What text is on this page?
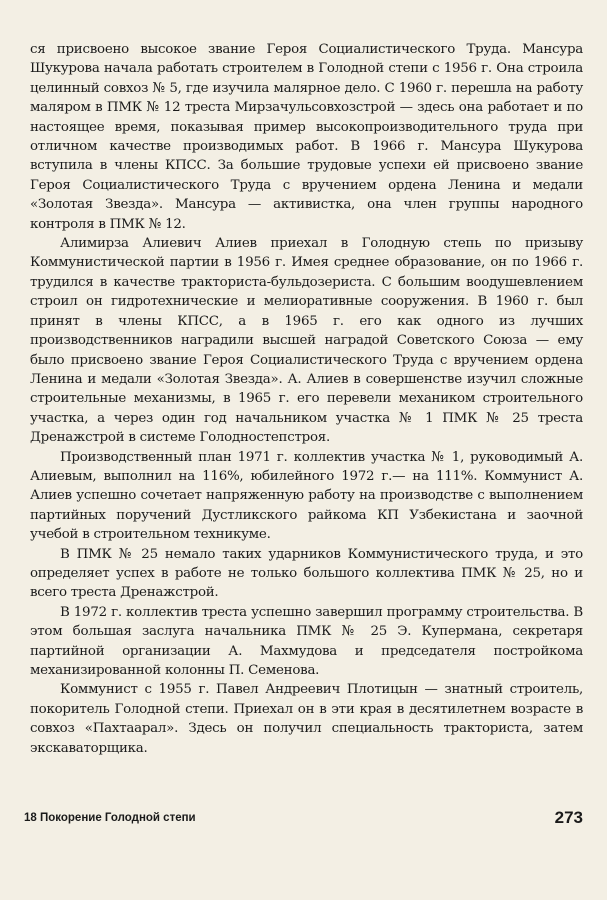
ся присвоено высокое звание Героя Социалистического Труда. Мансура Шукурова начала работать строителем в Голодной степи с 1956 г. Она строила целинный совхоз № 5, где изучила малярное дело. С 1960 г. перешла на работу маляром в ПМК № 12 треста Мирзачульсовхозстрой — здесь она работает и по настоящее время, показывая пример высокопроизводительного труда при отличном качестве производимых работ. В 1966 г. Мансура Шукурова вступила в члены КПСС. За большие трудовые успехи ей присвоено звание Героя Социалистического Труда с вручением ордена Ленина и медали «Золотая Звезда». Мансура — активистка, она член группы народного контроля в ПМК № 12.

Алимирза Алиевич Алиев приехал в Голодную степь по призыву Коммунистической партии в 1956 г. Имея среднее образование, он по 1966 г. трудился в качестве тракториста-бульдозериста. С большим воодушевлением строил он гидротехнические и мелиоративные сооружения. В 1960 г. был принят в члены КПСС, а в 1965 г. его как одного из лучших производственников наградили высшей наградой Советского Союза — ему было присвоено звание Героя Социалистического Труда с вручением ордена Ленина и медали «Золотая Звезда». А. Алиев в совершенстве изучил сложные строительные механизмы, в 1965 г. его перевели механиком строительного участка, а через один год начальником участка № 1 ПМК № 25 треста Дренажстрой в системе Голодностепстроя.

Производственный план 1971 г. коллектив участка № 1, руководимый А. Алиевым, выполнил на 116%, юбилейного 1972 г.— на 111%. Коммунист А. Алиев успешно сочетает напряженную работу на производстве с выполнением партийных поручений Дустликского райкома КП Узбекистана и заочной учебой в строительном техникуме.

В ПМК № 25 немало таких ударников Коммунистического труда, и это определяет успех в работе не только большого коллектива ПМК № 25, но и всего треста Дренажстрой.

В 1972 г. коллектив треста успешно завершил программу строительства. В этом большая заслуга начальника ПМК № 25 Э. Купермана, секретаря партийной организации А. Махмудова и председателя постройкома механизированной колонны П. Семенова.

Коммунист с 1955 г. Павел Андреевич Плотицын — знатный строитель, покоритель Голодной степи. Приехал он в эти края в десятилетнем возрасте в совхоз «Пахтаарал». Здесь он получил специальность тракториста, затем экскаваторщика.

18 Покорение Голодной степи	273
